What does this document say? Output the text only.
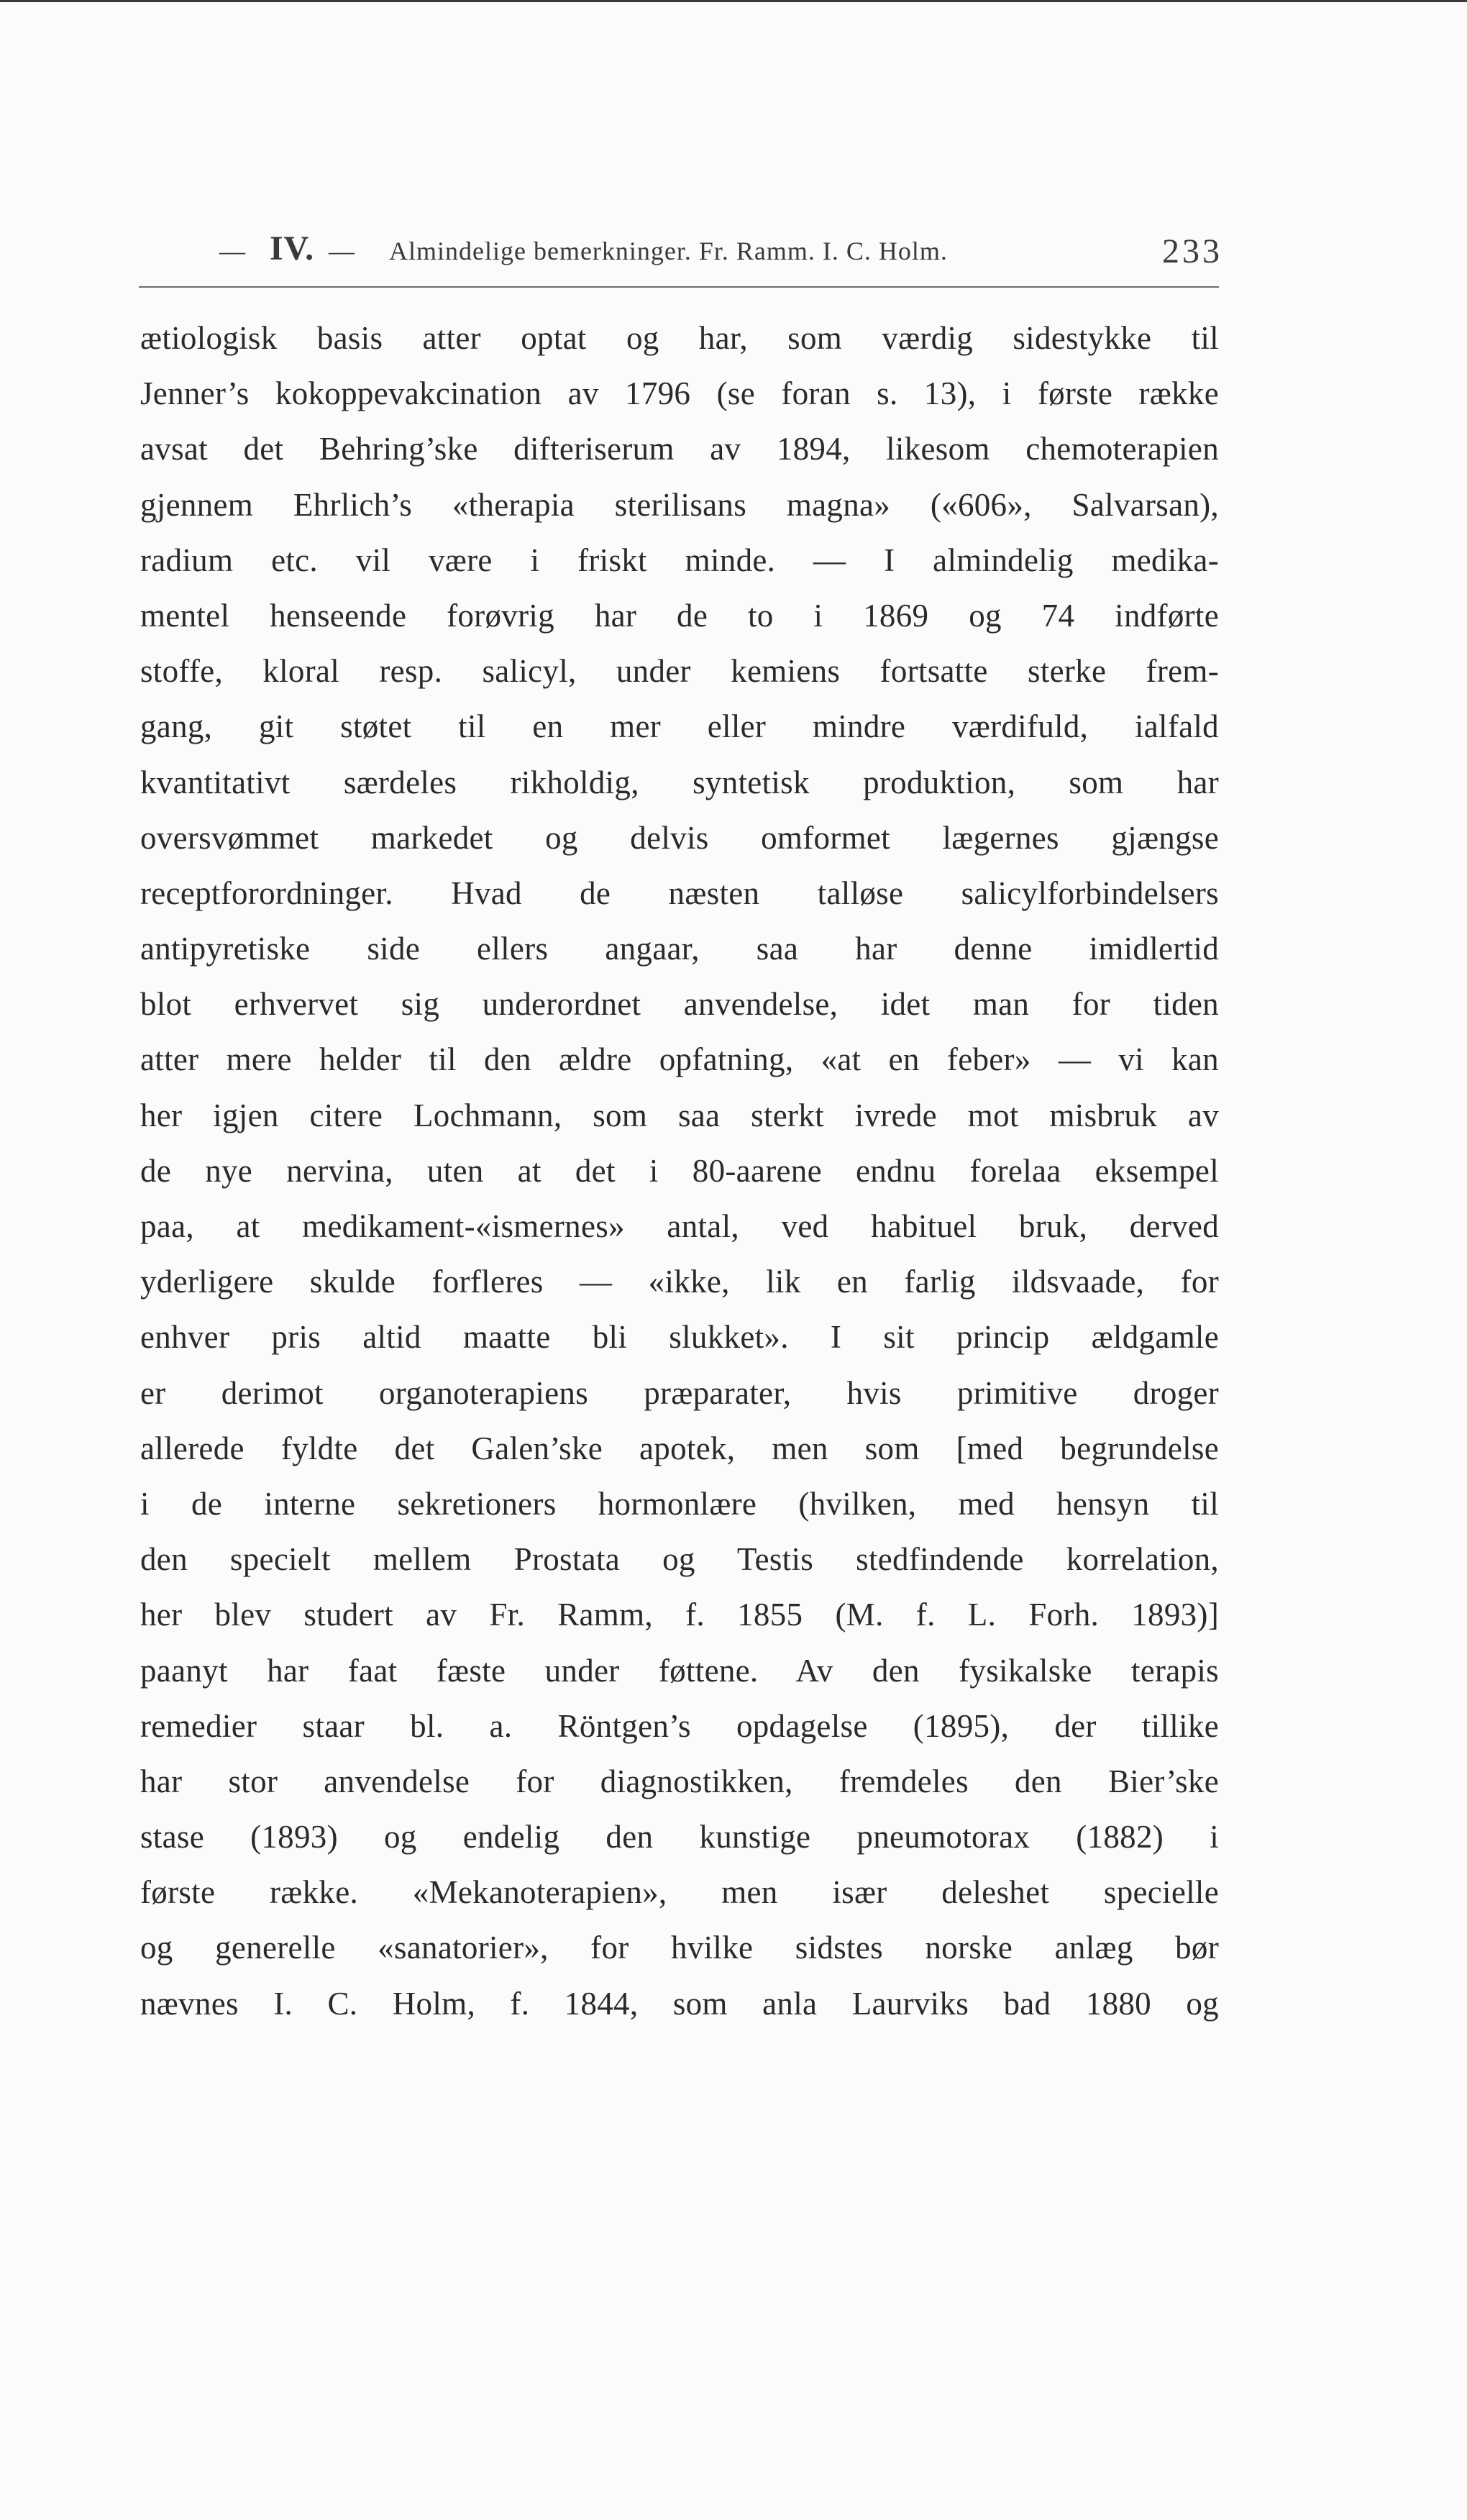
— IV. — Almindelige bemerkninger. Fr. Ramm. I. C. Holm.	233
ætiologisk basis atter optat og har, som værdig sidestykke til
Jenner’s kokoppevakcination av 1796 (se foran s. 13), i første række
avsat det Behring’ske difteriserum av 1894, likesom chemoterapien
gjennem Ehrlich’s «therapia sterilisans magna» («606», Salvarsan),
radium etc. vil være i friskt minde. — I almindelig medika-
mentel henseende forøvrig har de to i 1869 og 74 indførte
stoffe, kloral resp. salicyl, under kemiens fortsatte sterke frem-
gang, git støtet til en mer eller mindre værdifuld, ialfald
kvantitativt særdeles rikholdig, syntetisk produktion, som har
oversvømmet markedet og delvis omformet lægernes gjængse
receptforordninger. Hvad de næsten talløse salicylforbindelsers
antipyretiske side ellers angaar, saa har denne imidlertid
blot erhvervet sig underordnet anvendelse, idet man for tiden
atter mere helder til den ældre opfatning, «at en feber» — vi kan
her igjen citere Lochmann, som saa sterkt ivrede mot misbruk av
de nye nervina, uten at det i 80-aarene endnu forelaa eksempel
paa, at medikament-«ismernes» antal, ved habituel bruk, derved
yderligere skulde forfleres — «ikke, lik en farlig ildsvaade, for
enhver pris altid maatte bli slukket». I sit princip ældgamle
er derimot organoterapiens præparater, hvis primitive droger
allerede fyldte det Galen’ske apotek, men som [med begrundelse
i de interne sekretioners hormonlære (hvilken, med hensyn til
den specielt mellem Prostata og Testis stedfindende korrelation,
her blev studert av Fr. Ramm, f. 1855 (M. f. L. Forh. 1893)]
paanyt har faat fæste under føttene. Av den fysikalske terapis
remedier staar bl. a. Röntgen’s opdagelse (1895), der tillike
har stor anvendelse for diagnostikken, fremdeles den Bier’ske
stase (1893) og endelig den kunstige pneumotorax (1882) i
første række. «Mekanoterapien», men især deleshet specielle
og generelle «sanatorier», for hvilke sidstes norske anlæg bør
nævnes I. C. Holm, f. 1844, som anla Laurviks bad 1880 og
